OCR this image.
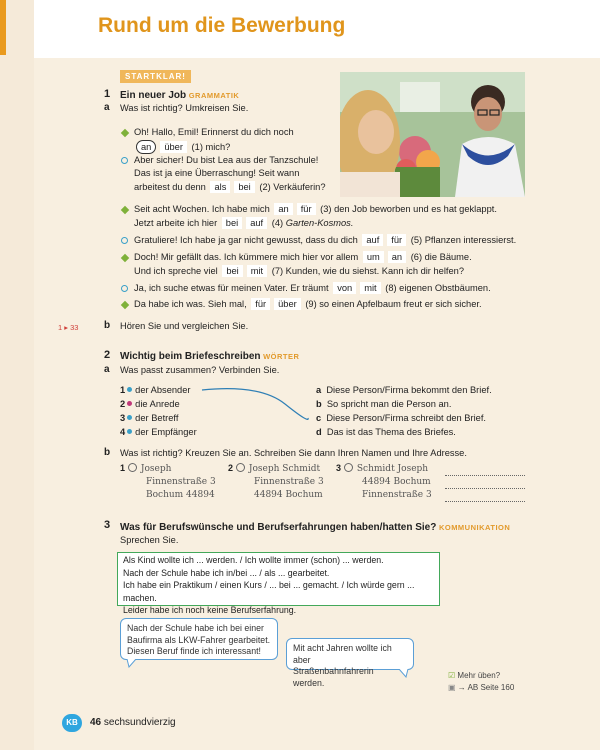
Rund um die Bewerbung
STARTKLAR!
1 Ein neuer Job GRAMMATIK
a Was ist richtig? Umkreisen Sie.
Oh! Hallo, Emil! Erinnerst du dich noch
an über (1) mich?
Aber sicher! Du bist Lea aus der Tanzschule!
Das ist ja eine Überraschung! Seit wann
arbeitest du denn als bei (2) Verkäuferin?
Seit acht Wochen. Ich habe mich an für (3) den Job beworben und es hat geklappt.
Jetzt arbeite ich hier bei auf (4) Garten-Kosmos.
Gratuliere! Ich habe ja gar nicht gewusst, dass du dich auf für (5) Pflanzen interessierst.
Doch! Mir gefällt das. Ich kümmere mich hier vor allem um an (6) die Bäume.
Und ich spreche viel bei mit (7) Kunden, wie du siehst. Kann ich dir helfen?
Ja, ich suche etwas für meinen Vater. Er träumt von mit (8) eigenen Obstbäumen.
Da habe ich was. Sieh mal, für über (9) so einen Apfelbaum freut er sich sicher.
1 ▸ 33	b Hören Sie und vergleichen Sie.
2 Wichtig beim Briefeschreiben WÖRTER
a Was passt zusammen? Verbinden Sie.
1 der Absender
2 die Anrede
3 der Betreff
4 der Empfänger
a Diese Person/Firma bekommt den Brief.
b So spricht man die Person an.
c Diese Person/Firma schreibt den Brief.
d Das ist das Thema des Briefes.
b Was ist richtig? Kreuzen Sie an. Schreiben Sie dann Ihren Namen und Ihre Adresse.
1 Joseph
Finnenstraße 3
Bochum 44894
2 Joseph Schmidt
Finnenstraße 3
44894 Bochum
3 Schmidt Joseph
44894 Bochum
Finnenstraße 3
3 Was für Berufswünsche und Berufserfahrungen haben/hatten Sie? KOMMUNIKATION
Sprechen Sie.
Als Kind wollte ich ... werden. / Ich wollte immer (schon) ... werden.
Nach der Schule habe ich in/bei ... / als ... gearbeitet.
Ich habe ein Praktikum / einen Kurs / ... bei ... gemacht. / Ich würde gern ... machen.
Leider habe ich noch keine Berufserfahrung.
Nach der Schule habe ich bei einer
Baufirma als LKW-Fahrer gearbeitet.
Diesen Beruf finde ich interessant!	Mit acht Jahren wollte ich aber
Straßenbahnfahrerin werden.
☑ Mehr üben?
▣ → AB Seite 160
KB	46 sechsundvierzig
